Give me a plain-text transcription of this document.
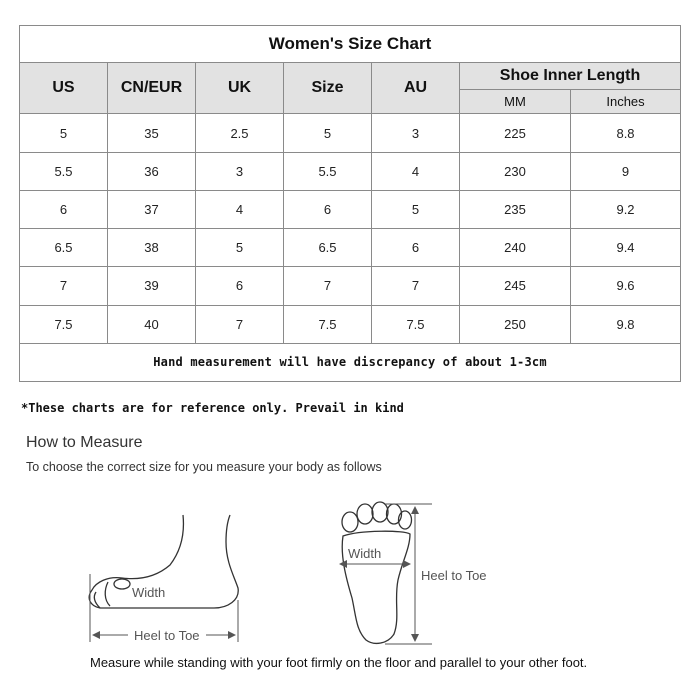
Women's Size Chart						
US	CN/EUR	UK	Size	AU	Shoe Inner Length	
					MM	Inches
5	35	2.5	5	3	225	8.8
5.5	36	3	5.5	4	230	9
6	37	4	6	5	235	9.2
6.5	38	5	6.5	6	240	9.4
7	39	6	7	7	245	9.6
7.5	40	7	7.5	7.5	250	9.8
Hand measurement will have discrepancy of about 1-3cm						
*These charts are for reference only. Prevail in kind
How to Measure
To choose the correct size for you measure your body as follows
Heel to Toe
Width
Width
Heel to Toe
Measure while standing with your foot firmly on the floor and parallel to your other foot.
